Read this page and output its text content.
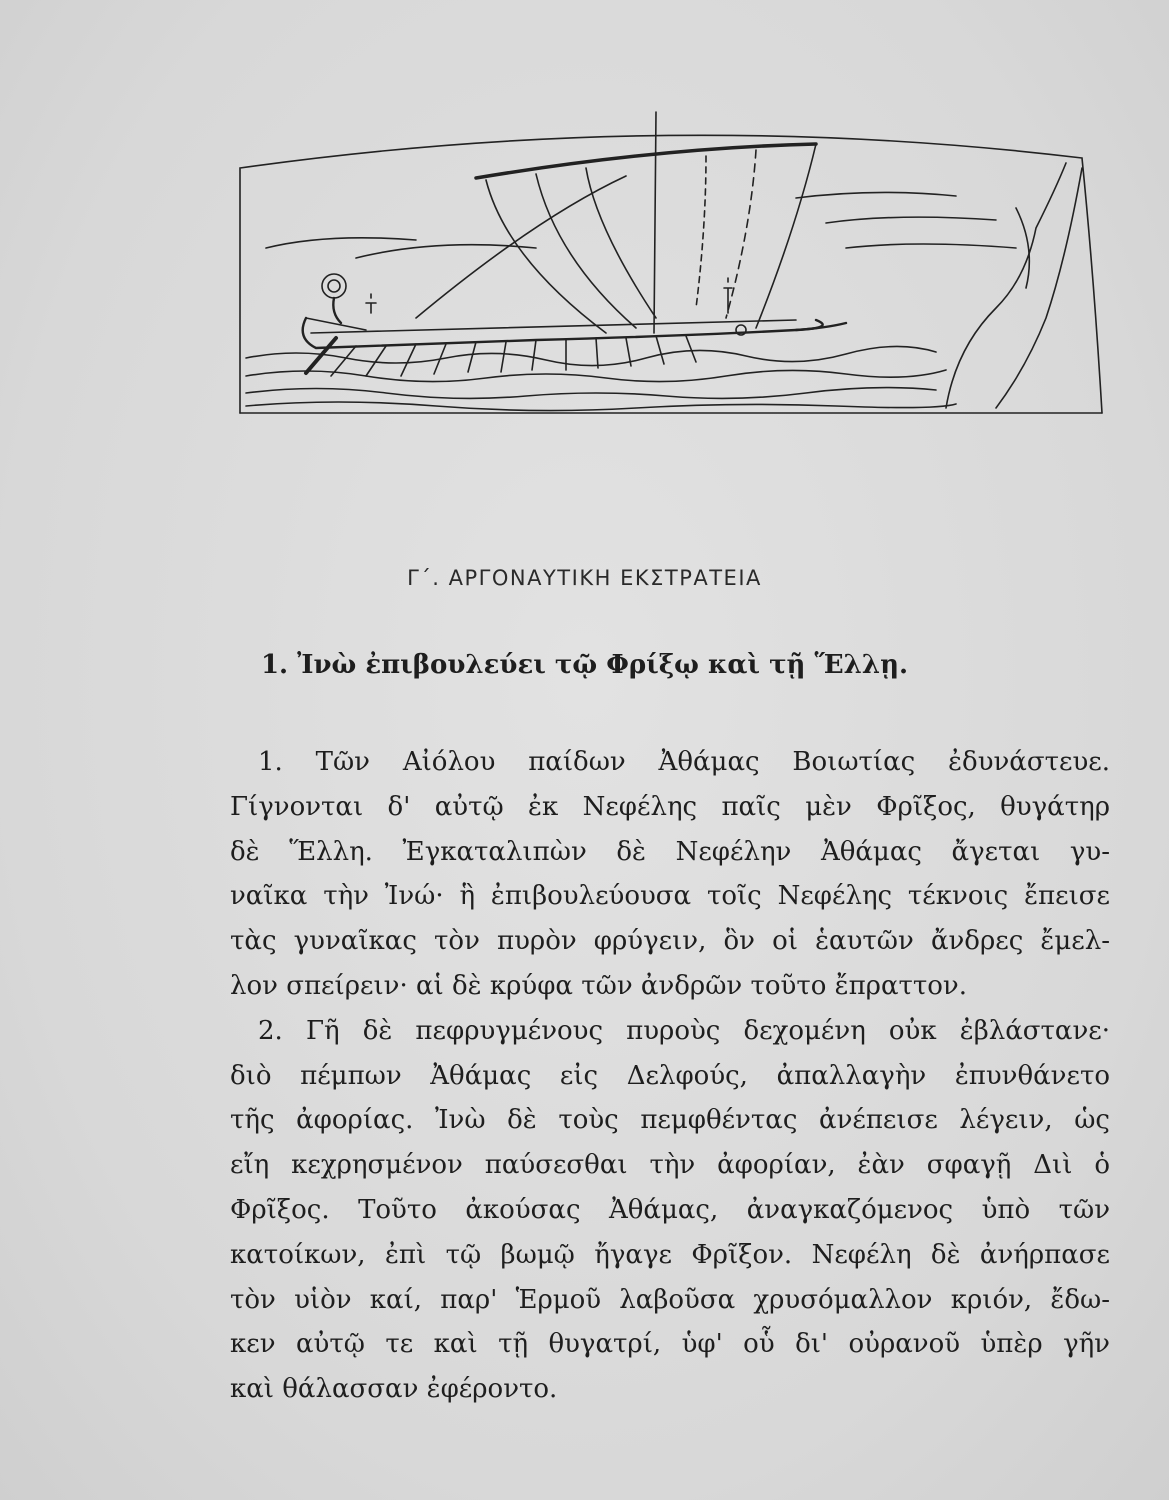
Γ΄. ΑΡΓΟΝΑΥΤΙΚΗ ΕΚΣΤΡΑΤΕΙΑ
1. Ἰνὼ ἐπιβουλεύει τῷ Φρίξῳ καὶ τῇ Ἕλλῃ.
1. Τῶν Αἰόλου παίδων Ἀθάμας Βοιωτίας ἐδυνάστευε.
Γίγνονται δ' αὐτῷ ἐκ Νεφέλης παῖς μὲν Φρῖξος, θυγάτηρ
δὲ Ἕλλη. Ἐγκαταλιπὼν δὲ Νεφέλην Ἀθάμας ἄγεται γυ-
ναῖκα τὴν Ἰνώ· ἣ ἐπιβουλεύουσα τοῖς Νεφέλης τέκνοις ἔπεισε
τὰς γυναῖκας τὸν πυρὸν φρύγειν, ὃν οἱ ἑαυτῶν ἄνδρες ἔμελ-
λον σπείρειν· αἱ δὲ κρύφα τῶν ἀνδρῶν τοῦτο ἔπραττον.
2. Γῆ δὲ πεφρυγμένους πυροὺς δεχομένη οὐκ ἐβλάστανε·
διὸ πέμπων Ἀθάμας εἰς Δελφούς, ἀπαλλαγὴν ἐπυνθάνετο
τῆς ἀφορίας. Ἰνὼ δὲ τοὺς πεμφθέντας ἀνέπεισε λέγειν, ὡς
εἴη κεχρησμένον παύσεσθαι τὴν ἀφορίαν, ἐὰν σφαγῇ Διὶ ὁ
Φρῖξος. Τοῦτο ἀκούσας Ἀθάμας, ἀναγκαζόμενος ὑπὸ τῶν
κατοίκων, ἐπὶ τῷ βωμῷ ἤγαγε Φρῖξον. Νεφέλη δὲ ἀνήρπασε
τὸν υἱὸν καί, παρ' Ἑρμοῦ λαβοῦσα χρυσόμαλλον κριόν, ἔδω-
κεν αὐτῷ τε καὶ τῇ θυγατρί, ὑφ' οὗ δι' οὐρανοῦ ὑπὲρ γῆν
καὶ θάλασσαν ἐφέροντο.
